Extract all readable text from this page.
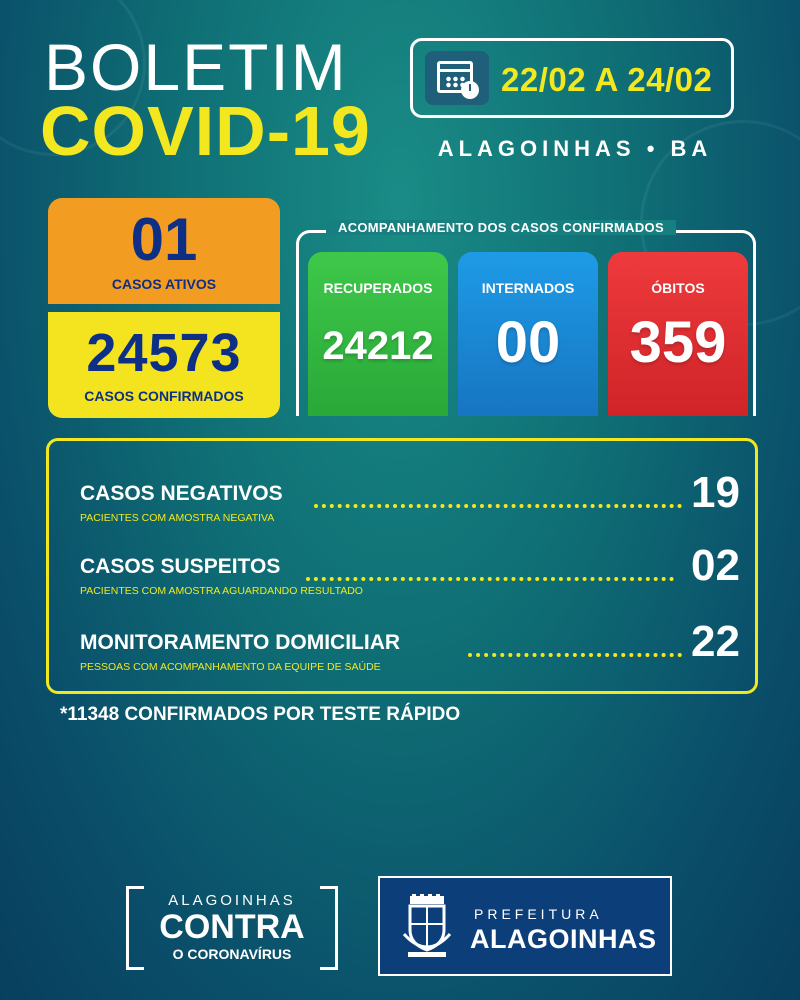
BOLETIM
COVID-19
22/02 A 24/02
ALAGOINHAS • BA
01
CASOS ATIVOS
24573
CASOS CONFIRMADOS
ACOMPANHAMENTO DOS CASOS CONFIRMADOS
RECUPERADOS
24212
INTERNADOS
00
ÓBITOS
359
CASOS NEGATIVOS	19
PACIENTES COM AMOSTRA NEGATIVA
CASOS SUSPEITOS	02
PACIENTES COM AMOSTRA AGUARDANDO RESULTADO
MONITORAMENTO DOMICILIAR	22
PESSOAS COM ACOMPANHAMENTO DA EQUIPE DE SAÚDE
*11348 CONFIRMADOS POR TESTE RÁPIDO
ALAGOINHAS
CONTRA
O CORONAVÍRUS
PREFEITURA
ALAGOINHAS
